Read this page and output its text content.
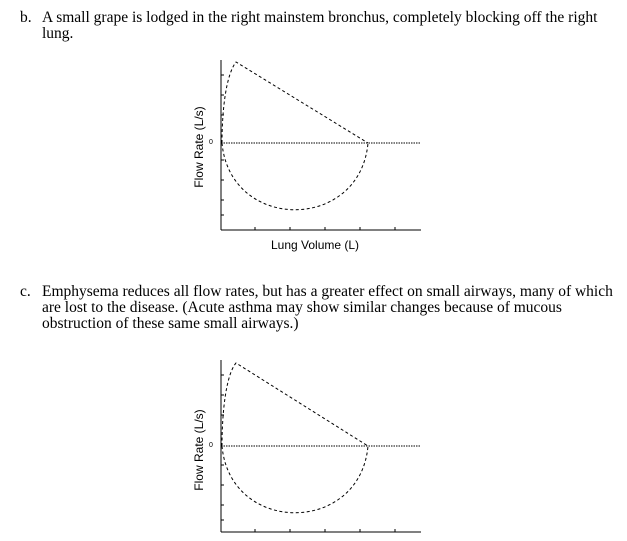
b. A small grape is lodged in the right mainstem bronchus, completely blocking off the right lung.
0
Flow Rate (L/s)
Lung Volume (L)
c. Emphysema reduces all flow rates, but has a greater effect on small airways, many of which are lost to the disease. (Acute asthma may show similar changes because of mucous obstruction of these same small airways.)
0
Flow Rate (L/s)
